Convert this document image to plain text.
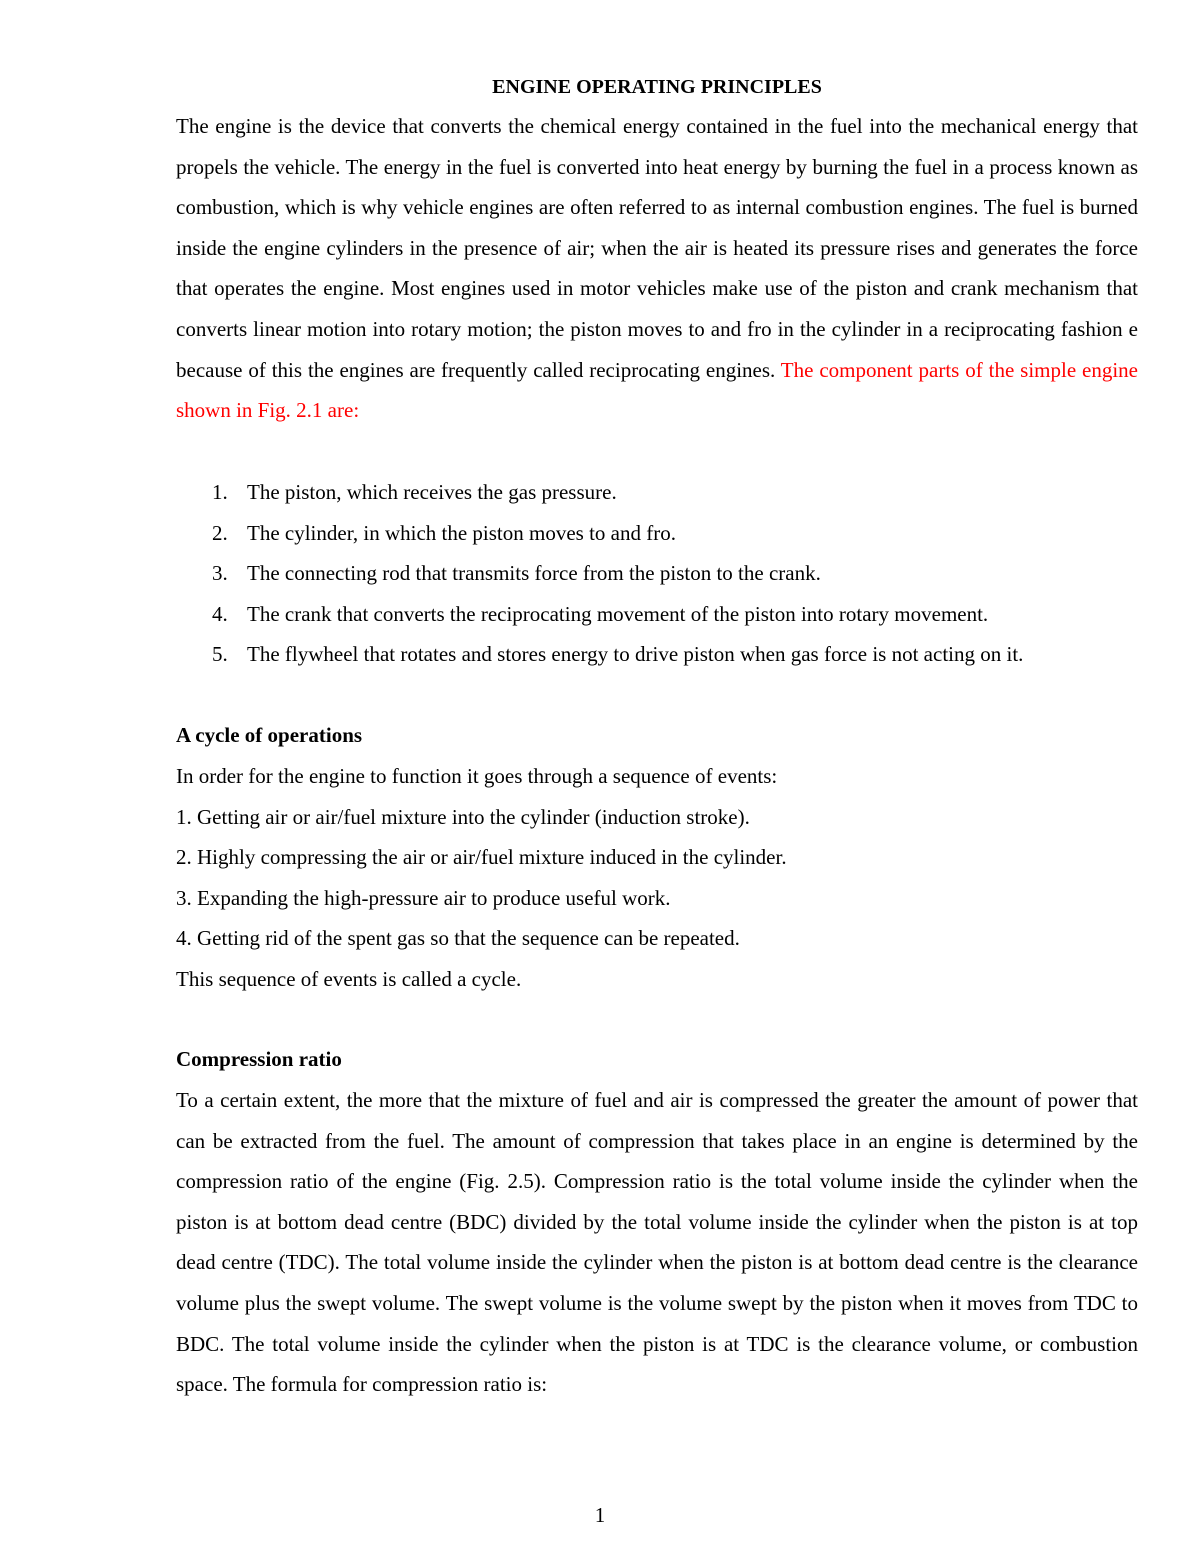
ENGINE OPERATING PRINCIPLES

The engine is the device that converts the chemical energy contained in the fuel into the mechanical energy that propels the vehicle. The energy in the fuel is converted into heat energy by burning the fuel in a process known as combustion, which is why vehicle engines are often referred to as internal combustion engines. The fuel is burned inside the engine cylinders in the presence of air; when the air is heated its pressure rises and generates the force that operates the engine. Most engines used in motor vehicles make use of the piston and crank mechanism that converts linear motion into rotary motion; the piston moves to and fro in the cylinder in a reciprocating fashion e because of this the engines are frequently called reciprocating engines. The component parts of the simple engine shown in Fig. 2.1 are:

1. The piston, which receives the gas pressure.
2. The cylinder, in which the piston moves to and fro.
3. The connecting rod that transmits force from the piston to the crank.
4. The crank that converts the reciprocating movement of the piston into rotary movement.
5. The flywheel that rotates and stores energy to drive piston when gas force is not acting on it.
A cycle of operations
In order for the engine to function it goes through a sequence of events:
1. Getting air or air/fuel mixture into the cylinder (induction stroke).
2. Highly compressing the air or air/fuel mixture induced in the cylinder.
3. Expanding the high-pressure air to produce useful work.
4. Getting rid of the spent gas so that the sequence can be repeated.
This sequence of events is called a cycle.
Compression ratio

To a certain extent, the more that the mixture of fuel and air is compressed the greater the amount of power that can be extracted from the fuel. The amount of compression that takes place in an engine is determined by the compression ratio of the engine (Fig. 2.5). Compression ratio is the total volume inside the cylinder when the piston is at bottom dead centre (BDC) divided by the total volume inside the cylinder when the piston is at top dead centre (TDC). The total volume inside the cylinder when the piston is at bottom dead centre is the clearance volume plus the swept volume. The swept volume is the volume swept by the piston when it moves from TDC to BDC. The total volume inside the cylinder when the piston is at TDC is the clearance volume, or combustion space. The formula for compression ratio is:

1
